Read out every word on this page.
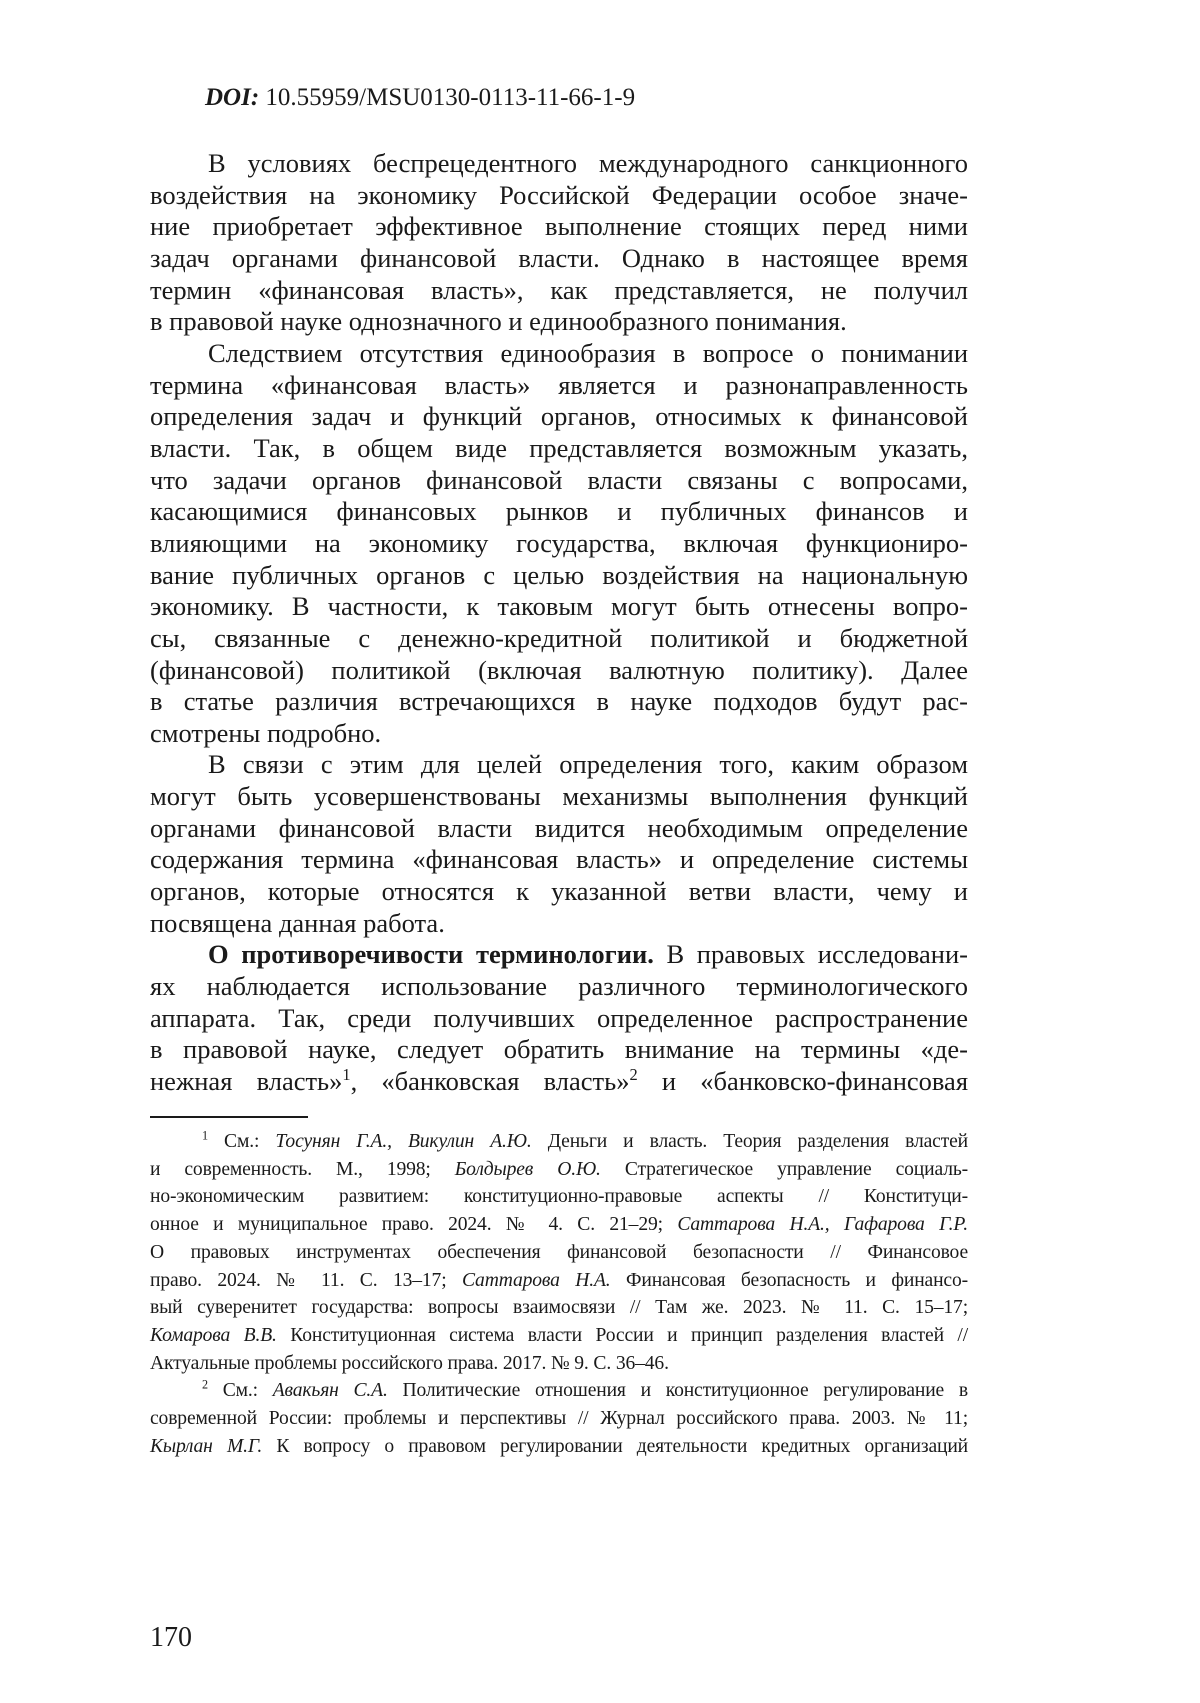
DOI: 10.55959/MSU0130-0113-11-66-1-9
В условиях беспрецедентного международного санкционного
воздействия на экономику Российской Федерации особое значе-
ние приобретает эффективное выполнение стоящих перед ними
задач органами финансовой власти. Однако в настоящее время
термин «финансовая власть», как представляется, не получил
в правовой науке однозначного и единообразного понимания.
Следствием отсутствия единообразия в вопросе о понимании
термина «финансовая власть» является и разнонаправленность
определения задач и функций органов, относимых к финансовой
власти. Так, в общем виде представляется возможным указать,
что задачи органов финансовой власти связаны с вопросами,
касающимися финансовых рынков и публичных финансов и
влияющими на экономику государства, включая функциониро-
вание публичных органов с целью воздействия на национальную
экономику. В частности, к таковым могут быть отнесены вопро-
сы, связанные с денежно-кредитной политикой и бюджетной
(финансовой) политикой (включая валютную политику). Далее
в статье различия встречающихся в науке подходов будут рас-
смотрены подробно.
В связи с этим для целей определения того, каким образом
могут быть усовершенствованы механизмы выполнения функций
органами финансовой власти видится необходимым определение
содержания термина «финансовая власть» и определение системы
органов, которые относятся к указанной ветви власти, чему и
посвящена данная работа.
О противоречивости терминологии. В правовых исследовани-
ях наблюдается использование различного терминологического
аппарата. Так, среди получивших определенное распространение
в правовой науке, следует обратить внимание на термины «де-
нежная власть»$^1$, «банковская власть»$^2$ и «банковско-финансовая
$^1$ См.: Тосунян Г.А., Викулин А.Ю. Деньги и власть. Теория разделения властей
и современность. М., 1998; Болдырев О.Ю. Стратегическое управление социаль-
но-экономическим развитием: конституционно-правовые аспекты // Конституци-
онное и муниципальное право. 2024. № 4. С. 21–29; Саттарова Н.А., Гафарова Г.Р.
О правовых инструментах обеспечения финансовой безопасности // Финансовое
право. 2024. № 11. С. 13–17; Саттарова Н.А. Финансовая безопасность и финансо-
вый суверенитет государства: вопросы взаимосвязи // Там же. 2023. № 11. С. 15–17;
Комарова В.В. Конституционная система власти России и принцип разделения властей //
Актуальные проблемы российского права. 2017. № 9. С. 36–46.
$^2$ См.: Авакьян С.А. Политические отношения и конституционное регулирование в
современной России: проблемы и перспективы // Журнал российского права. 2003. № 11;
Кырлан М.Г. К вопросу о правовом регулировании деятельности кредитных организаций
170
